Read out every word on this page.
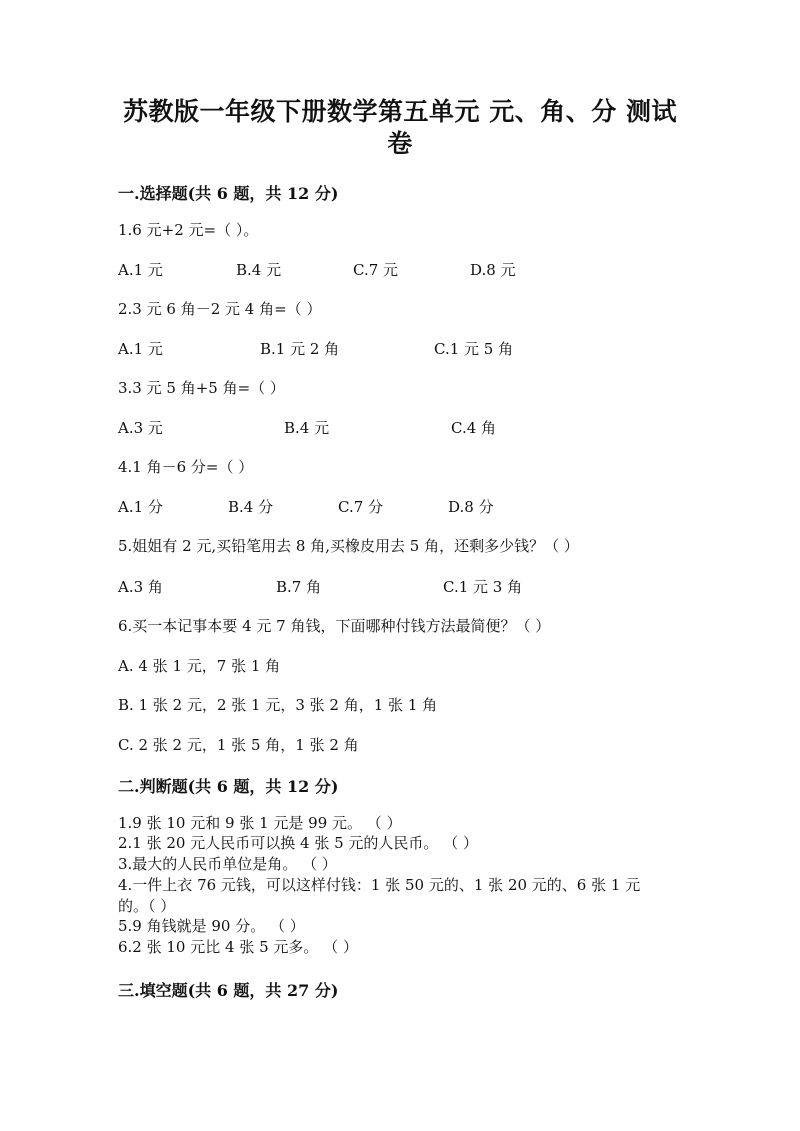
苏教版一年级下册数学第五单元 元、角、分 测试
卷
一.选择题(共 6 题，共 12 分)
1.6 元+2 元=（ ）。
A.1 元	B.4 元	C.7 元	D.8 元
2.3 元 6 角－2 元 4 角=（ ）
A.1 元	B.1 元 2 角	C.1 元 5 角
3.3 元 5 角+5 角=（ ）
A.3 元	B.4 元	C.4 角
4.1 角－6 分=（ ）
A.1 分	B.4 分	C.7 分	D.8 分
5.姐姐有 2 元,买铅笔用去 8 角,买橡皮用去 5 角，还剩多少钱？（ ）
A.3 角	B.7 角	C.1 元 3 角
6.买一本记事本要 4 元 7 角钱，下面哪种付钱方法最简便？（ ）
A. 4 张 1 元，7 张 1 角
B. 1 张 2 元，2 张 1 元，3 张 2 角，1 张 1 角
C. 2 张 2 元，1 张 5 角，1 张 2 角
二.判断题(共 6 题，共 12 分)
1.9 张 10 元和 9 张 1 元是 99 元。 （ ）
2.1 张 20 元人民币可以换 4 张 5 元的人民币。 （ ）
3.最大的人民币单位是角。 （ ）
4.一件上衣 76 元钱，可以这样付钱：1 张 50 元的、1 张 20 元的、6 张 1 元
的。（ ）
5.9 角钱就是 90 分。 （ ）
6.2 张 10 元比 4 张 5 元多。 （ ）
三.填空题(共 6 题，共 27 分)
